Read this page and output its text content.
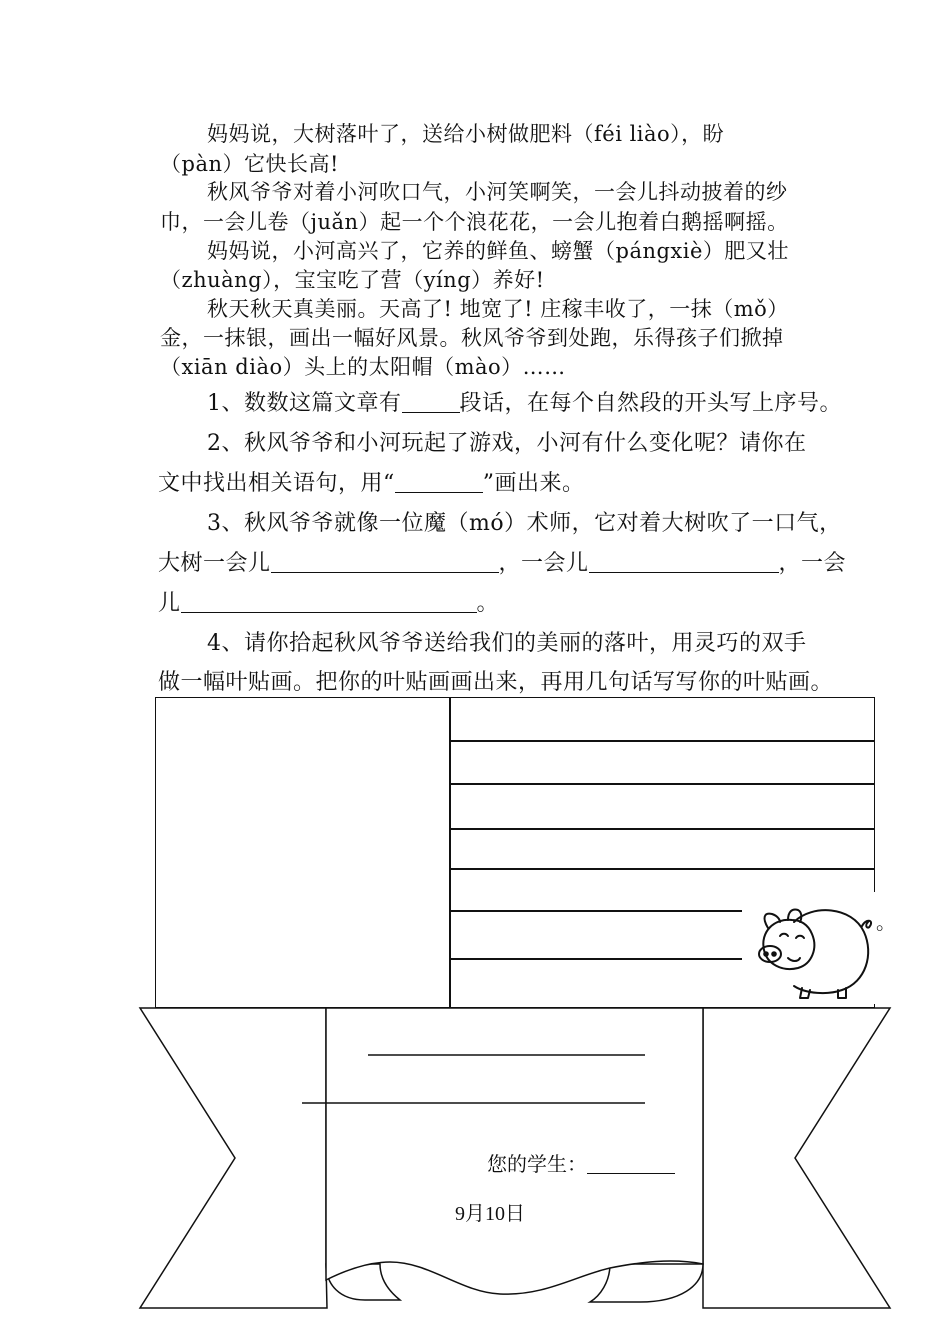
妈妈说，大树落叶了，送给小树做肥料（féi liào），盼
（pàn）它快长高!
秋风爷爷对着小河吹口气，小河笑啊笑，一会儿抖动披着的纱
巾，一会儿卷（juǎn）起一个个浪花花，一会儿抱着白鹅摇啊摇。
妈妈说，小河高兴了，它养的鲜鱼、螃蟹（pángxiè）肥又壮
（zhuàng），宝宝吃了营（yíng）养好!
秋天秋天真美丽。天高了! 地宽了! 庄稼丰收了，一抹（mǒ）
金，一抹银，画出一幅好风景。秋风爷爷到处跑，乐得孩子们掀掉
（xiān diào）头上的太阳帽（mào）……
1、数数这篇文章有	段话，在每个自然段的开头写上序号。
2、秋风爷爷和小河玩起了游戏，小河有什么变化呢？请你在
文中找出相关语句，用“	”画出来。
3、秋风爷爷就像一位魔（mó）术师，它对着大树吹了一口气，
大树一会儿	，一会儿	，一会
儿	。
4、请你拾起秋风爷爷送给我们的美丽的落叶，用灵巧的双手
做一幅叶贴画。把你的叶贴画画出来，再用几句话写写你的叶贴画。
。
您的学生：
9月10日
